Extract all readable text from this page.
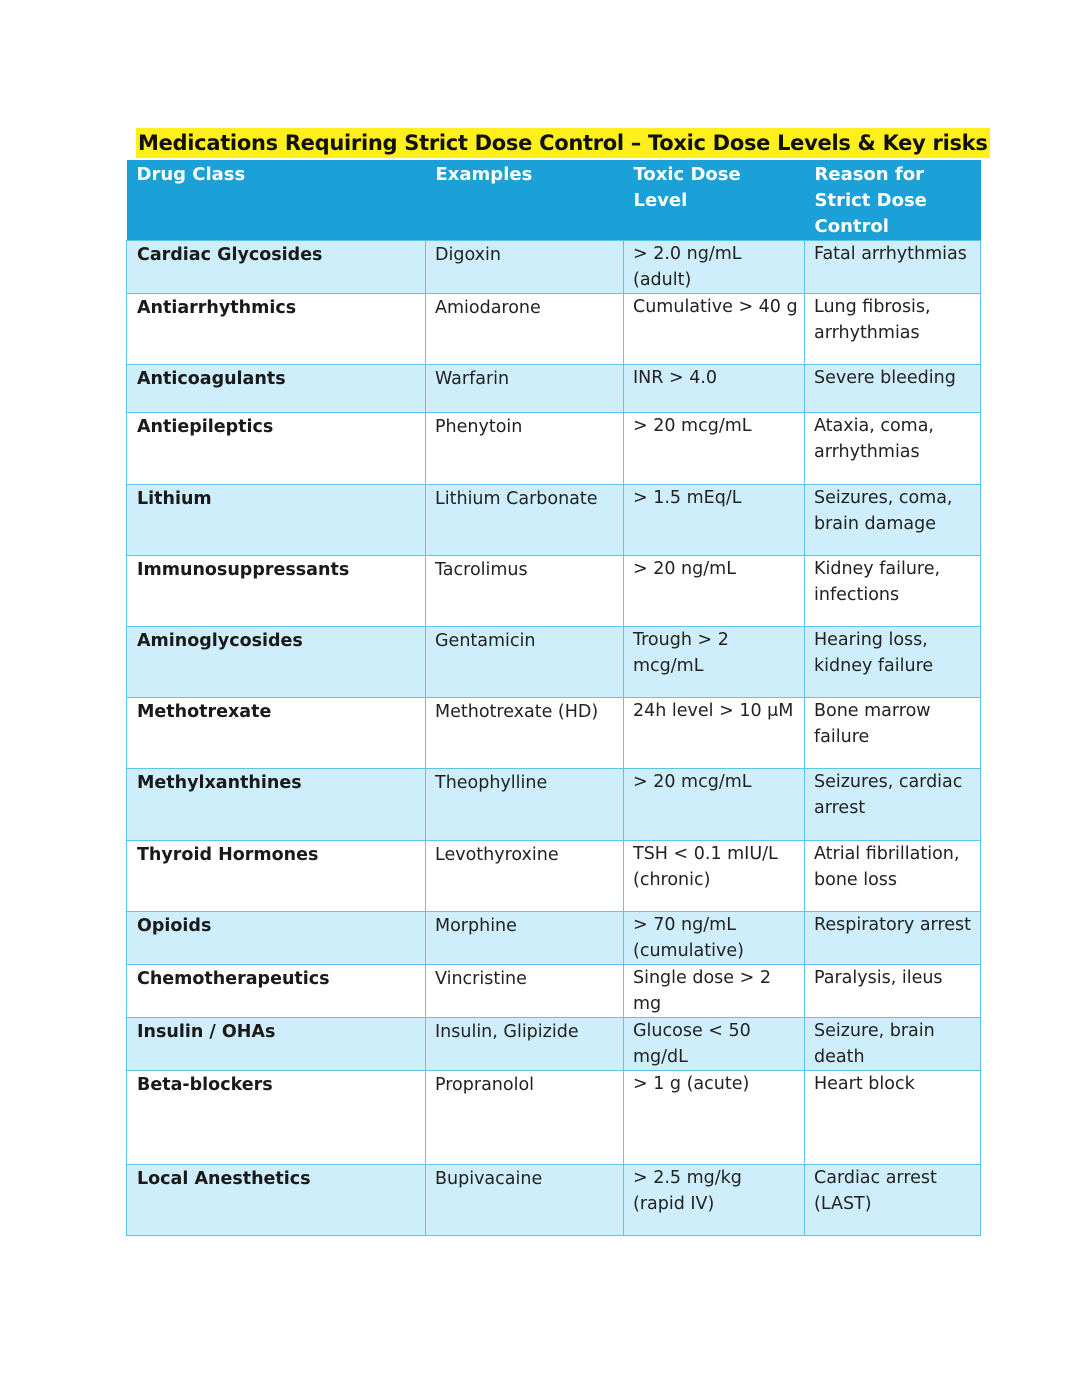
Medications Requiring Strict Dose Control – Toxic Dose Levels & Key risks
Drug Class	Examples	Toxic Dose Level	Reason for Strict Dose Control
Cardiac Glycosides	Digoxin	> 2.0 ng/mL (adult)	Fatal arrhythmias
Antiarrhythmics	Amiodarone	Cumulative > 40 g	Lung fibrosis, arrhythmias
Anticoagulants	Warfarin	INR > 4.0	Severe bleeding
Antiepileptics	Phenytoin	> 20 mcg/mL	Ataxia, coma, arrhythmias
Lithium	Lithium Carbonate	> 1.5 mEq/L	Seizures, coma, brain damage
Immunosuppressants	Tacrolimus	> 20 ng/mL	Kidney failure, infections
Aminoglycosides	Gentamicin	Trough > 2 mcg/mL	Hearing loss, kidney failure
Methotrexate	Methotrexate (HD)	24h level > 10 μM	Bone marrow failure
Methylxanthines	Theophylline	> 20 mcg/mL	Seizures, cardiac arrest
Thyroid Hormones	Levothyroxine	TSH < 0.1 mIU/L (chronic)	Atrial fibrillation, bone loss
Opioids	Morphine	> 70 ng/mL (cumulative)	Respiratory arrest
Chemotherapeutics	Vincristine	Single dose > 2 mg	Paralysis, ileus
Insulin / OHAs	Insulin, Glipizide	Glucose < 50 mg/dL	Seizure, brain death
Beta-blockers	Propranolol	> 1 g (acute)	Heart block
Local Anesthetics	Bupivacaine	> 2.5 mg/kg (rapid IV)	Cardiac arrest (LAST)
